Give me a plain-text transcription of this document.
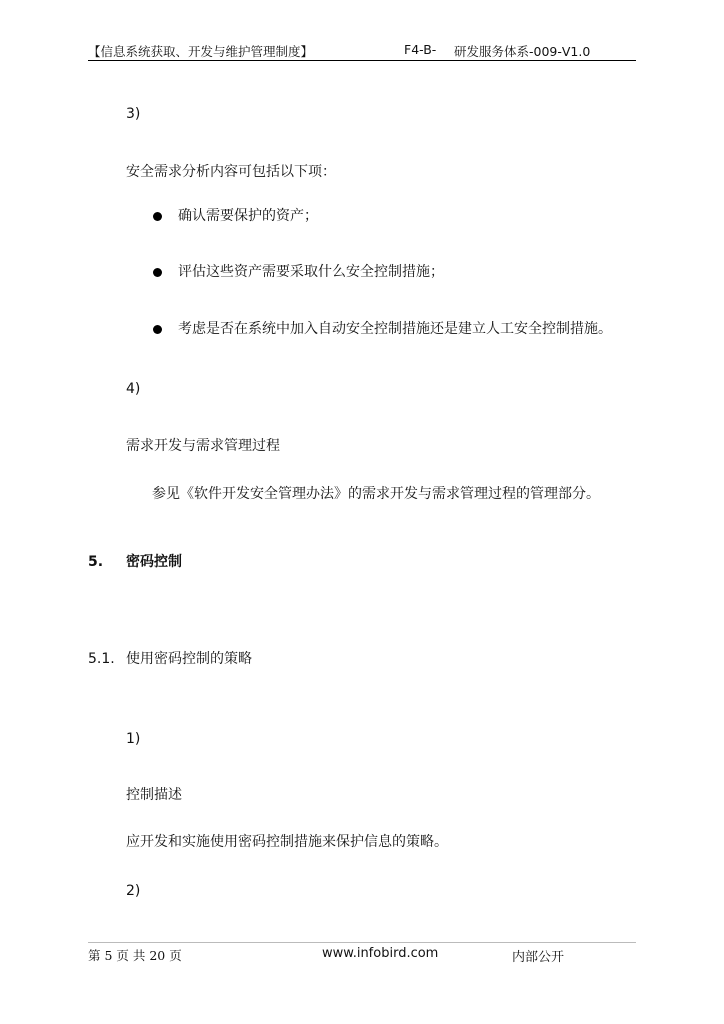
【信息系统获取、开发与维护管理制度】	F4-B- 研发服务体系-009-V1.0
3)
安全需求分析内容可包括以下项：
确认需要保护的资产；
评估这些资产需要采取什么安全控制措施；
考虑是否在系统中加入自动安全控制措施还是建立人工安全控制措施。
4)
需求开发与需求管理过程
参见《软件开发安全管理办法》的需求开发与需求管理过程的管理部分。
5. 密码控制
5.1. 使用密码控制的策略
1)
控制描述
应开发和实施使用密码控制措施来保护信息的策略。
2)
第 5 页 共 20 页	www.infobird.com	内部公开
